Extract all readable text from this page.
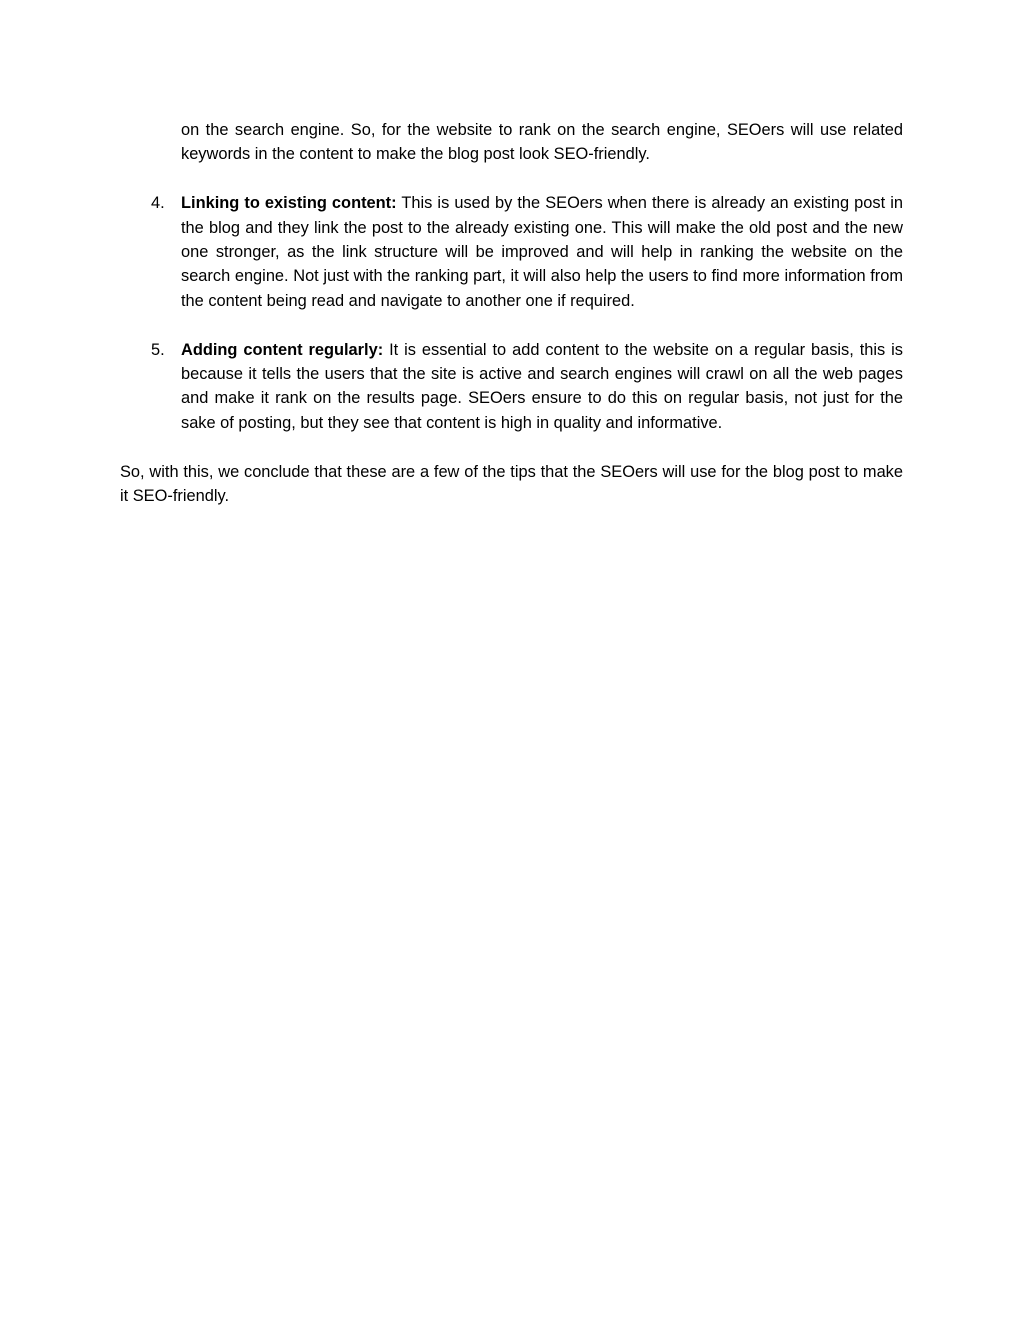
on the search engine. So, for the website to rank on the search engine, SEOers will use related keywords in the content to make the blog post look SEO-friendly.

4. Linking to existing content: This is used by the SEOers when there is already an existing post in the blog and they link the post to the already existing one. This will make the old post and the new one stronger, as the link structure will be improved and will help in ranking the website on the search engine. Not just with the ranking part, it will also help the users to find more information from the content being read and navigate to another one if required.
5. Adding content regularly: It is essential to add content to the website on a regular basis, this is because it tells the users that the site is active and search engines will crawl on all the web pages and make it rank on the results page. SEOers ensure to do this on regular basis, not just for the sake of posting, but they see that content is high in quality and informative.

So, with this, we conclude that these are a few of the tips that the SEOers will use for the blog post to make it SEO-friendly.
